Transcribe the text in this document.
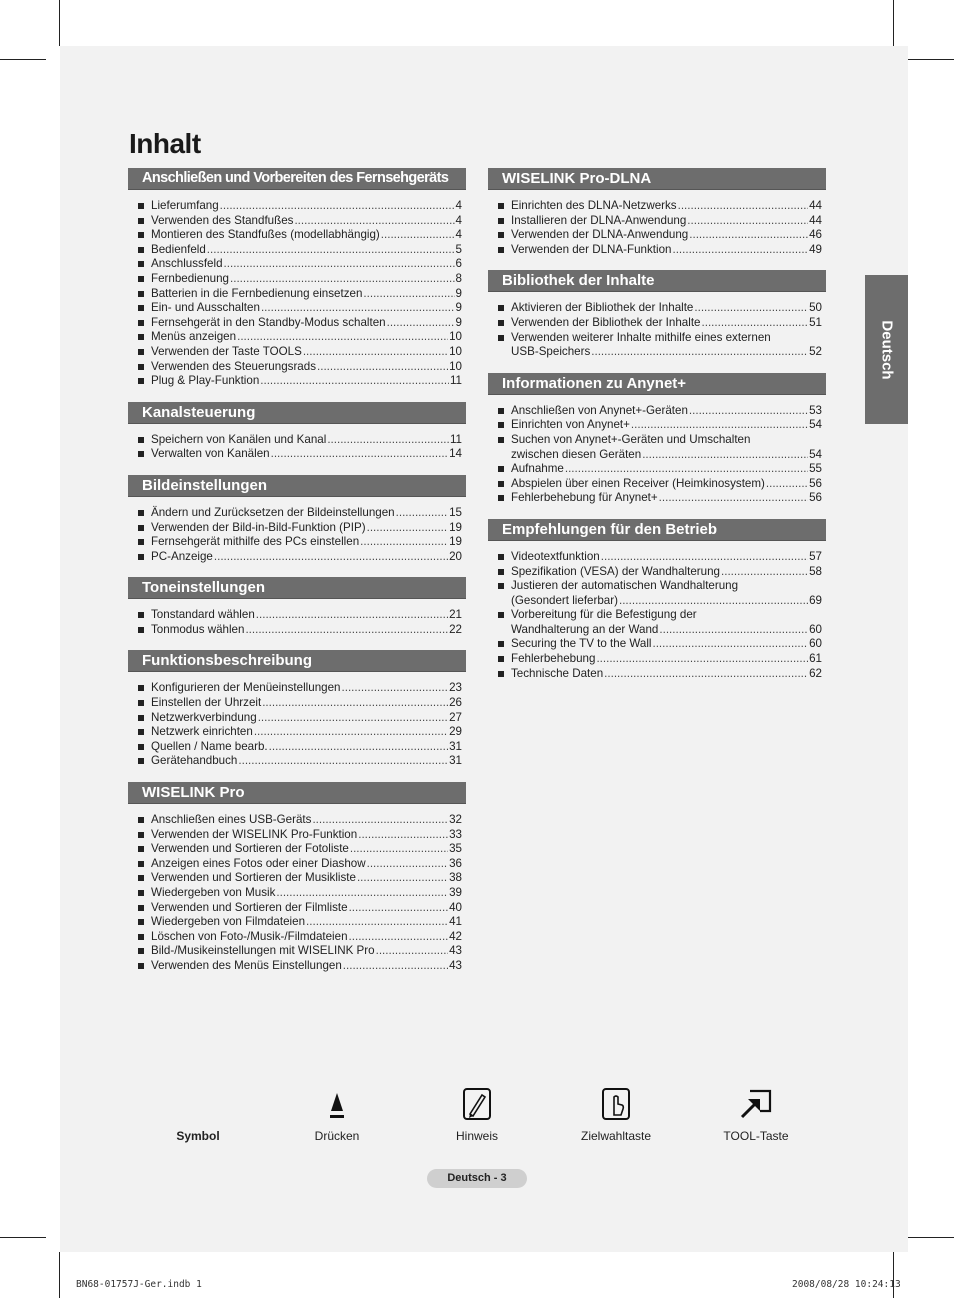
Inhalt
Deutsch
Anschließen und Vorbereiten des Fernsehgeräts
Lieferumfang .....	4
Verwenden des Standfußes .....	4
Montieren des Standfußes (modellabhängig) .....	4
Bedienfeld .....	5
Anschlussfeld .....	6
Fernbedienung .....	8
Batterien in die Fernbedienung einsetzen .....	9
Ein- und Ausschalten .....	9
Fernsehgerät in den Standby-Modus schalten .....	9
Menüs anzeigen .....	10
Verwenden der Taste TOOLS .....	10
Verwenden des Steuerungsrads .....	10
Plug & Play-Funktion .....	11
Kanalsteuerung
Speichern von Kanälen und Kanal .....	11
Verwalten von Kanälen .....	14
Bildeinstellungen
Ändern und Zurücksetzen der Bildeinstellungen .....	15
Verwenden der Bild-in-Bild-Funktion (PIP) .....	19
Fernsehgerät mithilfe des PCs einstellen .....	19
PC-Anzeige .....	20
Toneinstellungen
Tonstandard wählen .....	21
Tonmodus wählen .....	22
Funktionsbeschreibung
Konfigurieren der Menüeinstellungen .....	23
Einstellen der Uhrzeit .....	26
Netzwerkverbindung .....	27
Netzwerk einrichten .....	29
Quellen / Name bearb. .....	31
Gerätehandbuch .....	31
WISELINK Pro
Anschließen eines USB-Geräts .....	32
Verwenden der WISELINK Pro-Funktion .....	33
Verwenden und Sortieren der Fotoliste .....	35
Anzeigen eines Fotos oder einer Diashow .....	36
Verwenden und Sortieren der Musikliste .....	38
Wiedergeben von Musik .....	39
Verwenden und Sortieren der Filmliste .....	40
Wiedergeben von Filmdateien .....	41
Löschen von Foto-/Musik-/Filmdateien .....	42
Bild-/Musikeinstellungen mit WISELINK Pro .....	43
Verwenden des Menüs Einstellungen .....	43
WISELINK Pro-DLNA
Einrichten des DLNA-Netzwerks .....	44
Installieren der DLNA-Anwendung .....	44
Verwenden der DLNA-Anwendung .....	46
Verwenden der DLNA-Funktion .....	49
Bibliothek der Inhalte
Aktivieren der Bibliothek der Inhalte .....	50
Verwenden der Bibliothek der Inhalte .....	51
Verwenden weiterer Inhalte mithilfe eines externen
USB-Speichers .....	52
Informationen zu Anynet+
Anschließen von Anynet+-Geräten .....	53
Einrichten von Anynet+ .....	54
Suchen von Anynet+-Geräten und Umschalten
zwischen diesen Geräten .....	54
Aufnahme .....	55
Abspielen über einen Receiver (Heimkinosystem) .....	56
Fehlerbehebung für Anynet+ .....	56
Empfehlungen für den Betrieb
Videotextfunktion .....	57
Spezifikation (VESA) der Wandhalterung .....	58
Justieren der automatischen Wandhalterung
(Gesondert lieferbar) .....	69
Vorbereitung für die Befestigung der
Wandhalterung an der Wand .....	60
Securing the TV to the Wall .....	60
Fehlerbehebung .....	61
Technische Daten .....	62
Symbol	Drücken	Hinweis	Zielwahltaste	TOOL-Taste
Deutsch - 3
BN68-01757J-Ger.indb 1	2008/08/28 10:24:13
